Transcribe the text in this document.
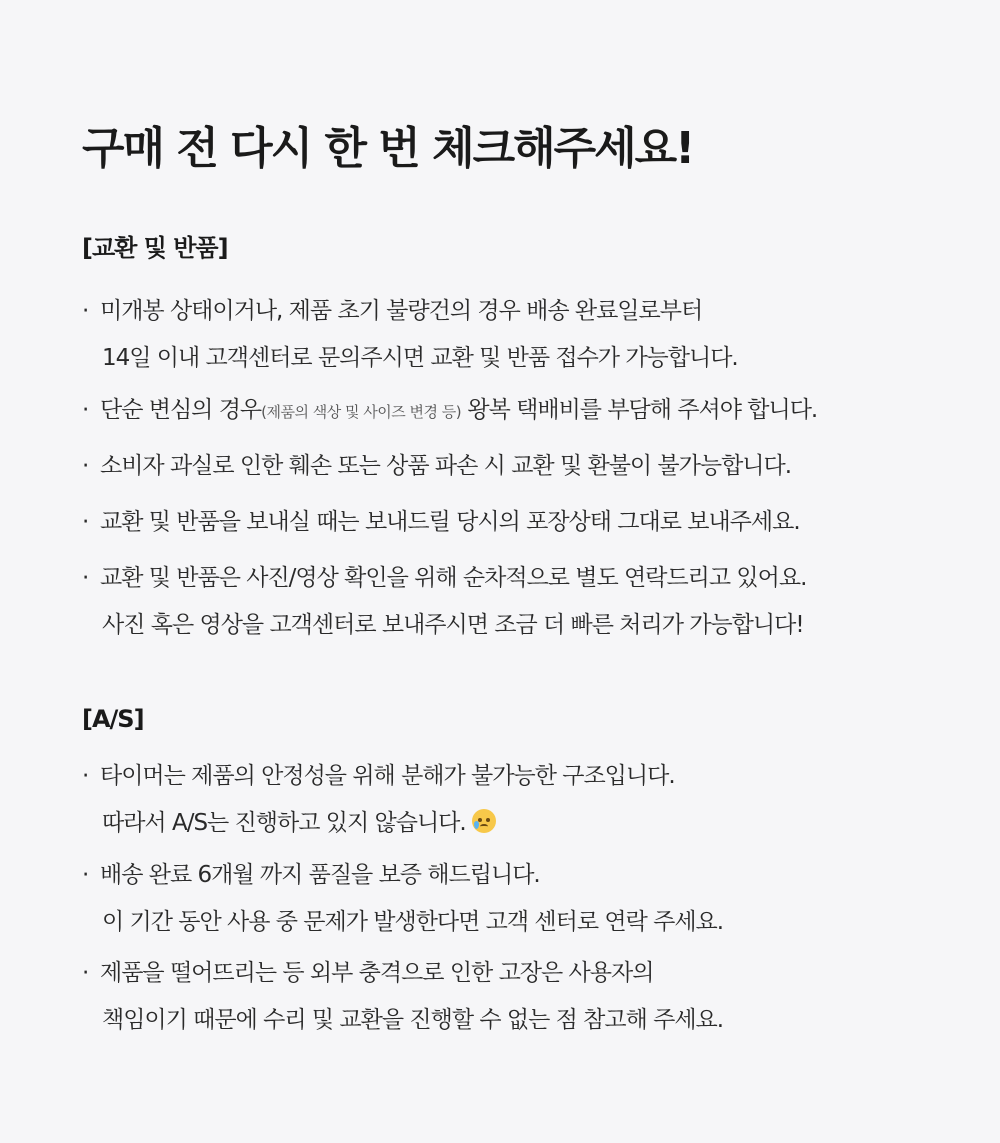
구매 전 다시 한 번 체크해주세요!
[교환 및 반품]
· 미개봉 상태이거나, 제품 초기 불량건의 경우 배송 완료일로부터
14일 이내 고객센터로 문의주시면 교환 및 반품 접수가 가능합니다.
· 단순 변심의 경우(제품의 색상 및 사이즈 변경 등) 왕복 택배비를 부담해 주셔야 합니다.
· 소비자 과실로 인한 훼손 또는 상품 파손 시 교환 및 환불이 불가능합니다.
· 교환 및 반품을 보내실 때는 보내드릴 당시의 포장상태 그대로 보내주세요.
· 교환 및 반품은 사진/영상 확인을 위해 순차적으로 별도 연락드리고 있어요.
사진 혹은 영상을 고객센터로 보내주시면 조금 더 빠른 처리가 가능합니다!
[A/S]
· 타이머는 제품의 안정성을 위해 분해가 불가능한 구조입니다.
따라서 A/S는 진행하고 있지 않습니다.
· 배송 완료 6개월 까지 품질을 보증 해드립니다.
이 기간 동안 사용 중 문제가 발생한다면 고객 센터로 연락 주세요.
· 제품을 떨어뜨리는 등 외부 충격으로 인한 고장은 사용자의
책임이기 때문에 수리 및 교환을 진행할 수 없는 점 참고해 주세요.
